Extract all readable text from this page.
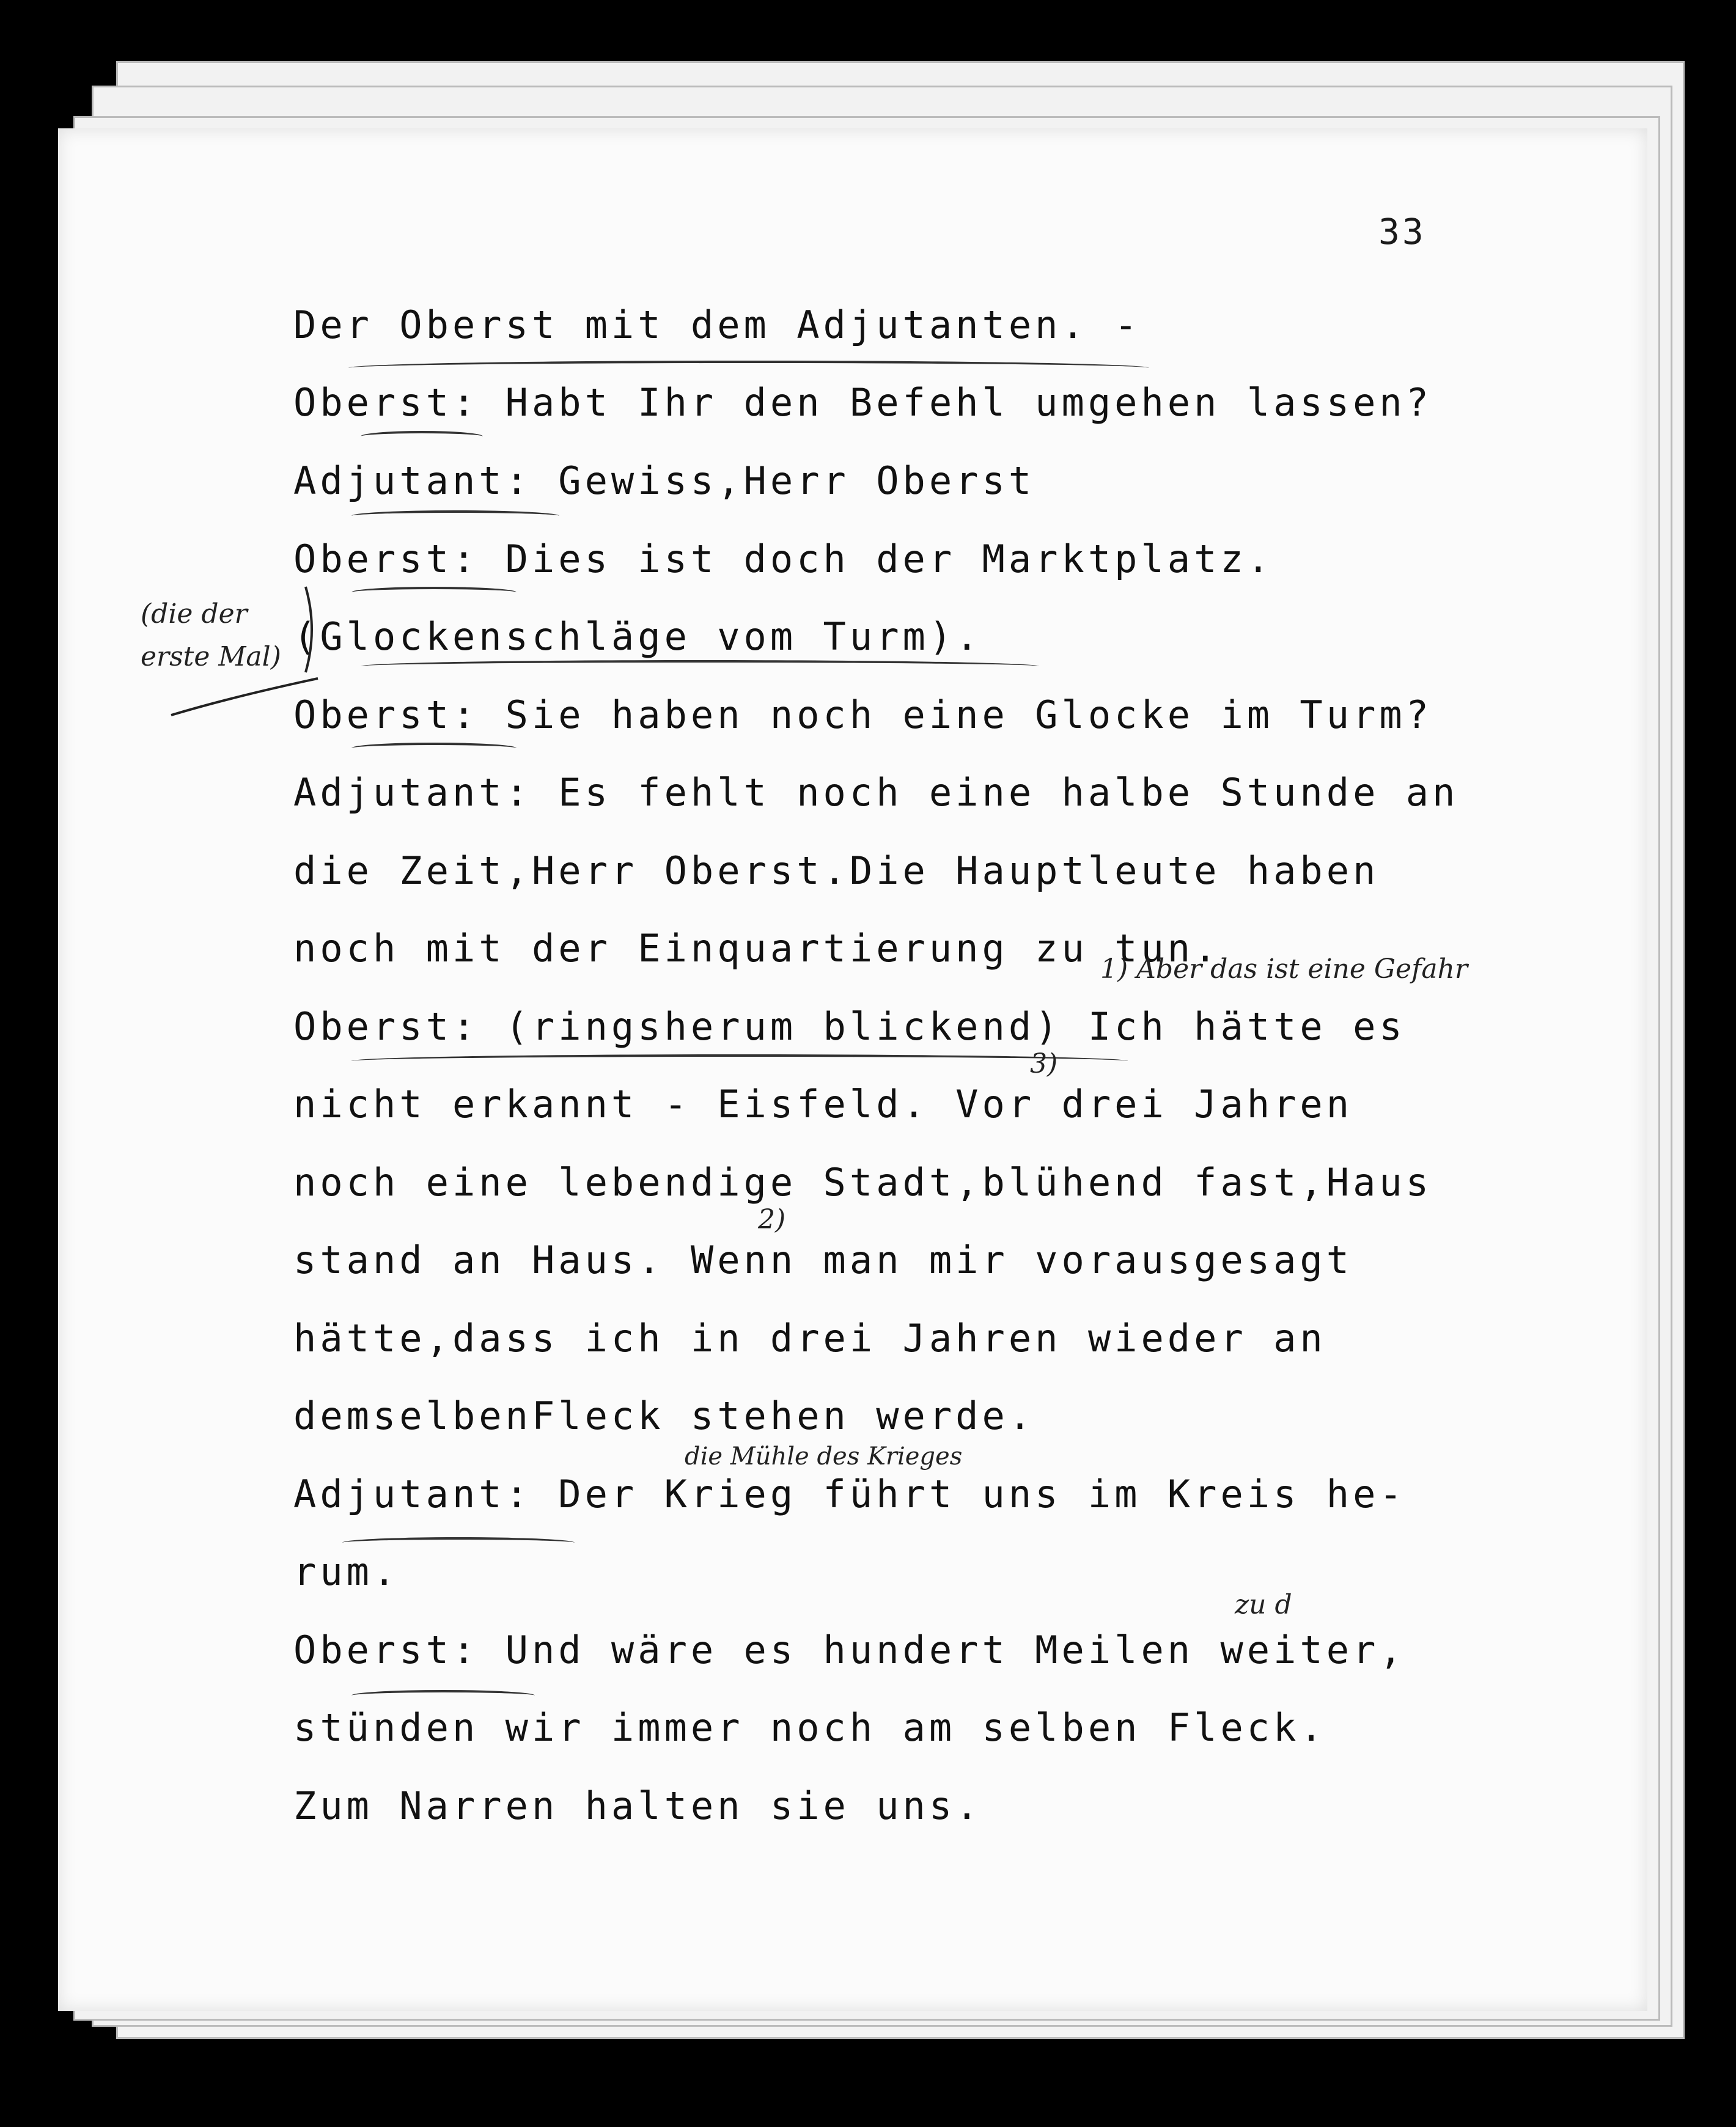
33
Der Oberst mit dem Adjutanten. -
Oberst: Habt Ihr den Befehl umgehen lassen?
Adjutant: Gewiss,Herr Oberst
Oberst: Dies ist doch der Marktplatz.
(Glockenschläge vom Turm).
Oberst: Sie haben noch eine Glocke im Turm?
Adjutant: Es fehlt noch eine halbe Stunde an
die Zeit,Herr Oberst.Die Hauptleute haben
noch mit der Einquartierung zu tun.
Oberst: (ringsherum blickend) Ich hätte es
nicht erkannt - Eisfeld. Vor drei Jahren
noch eine lebendige Stadt,blühend fast,Haus
stand an Haus. Wenn man mir vorausgesagt
hätte,dass ich in drei Jahren wieder an
demselbenFleck stehen werde.
Adjutant: Der Krieg führt uns im Kreis he-
rum.
Oberst: Und wäre es hundert Meilen weiter,
stünden wir immer noch am selben Fleck.
Zum Narren halten sie uns.
(die der erste Mal)
1) Aber das ist eine Gefahr
die Mühle des Krieges
zu d
2)
3)
